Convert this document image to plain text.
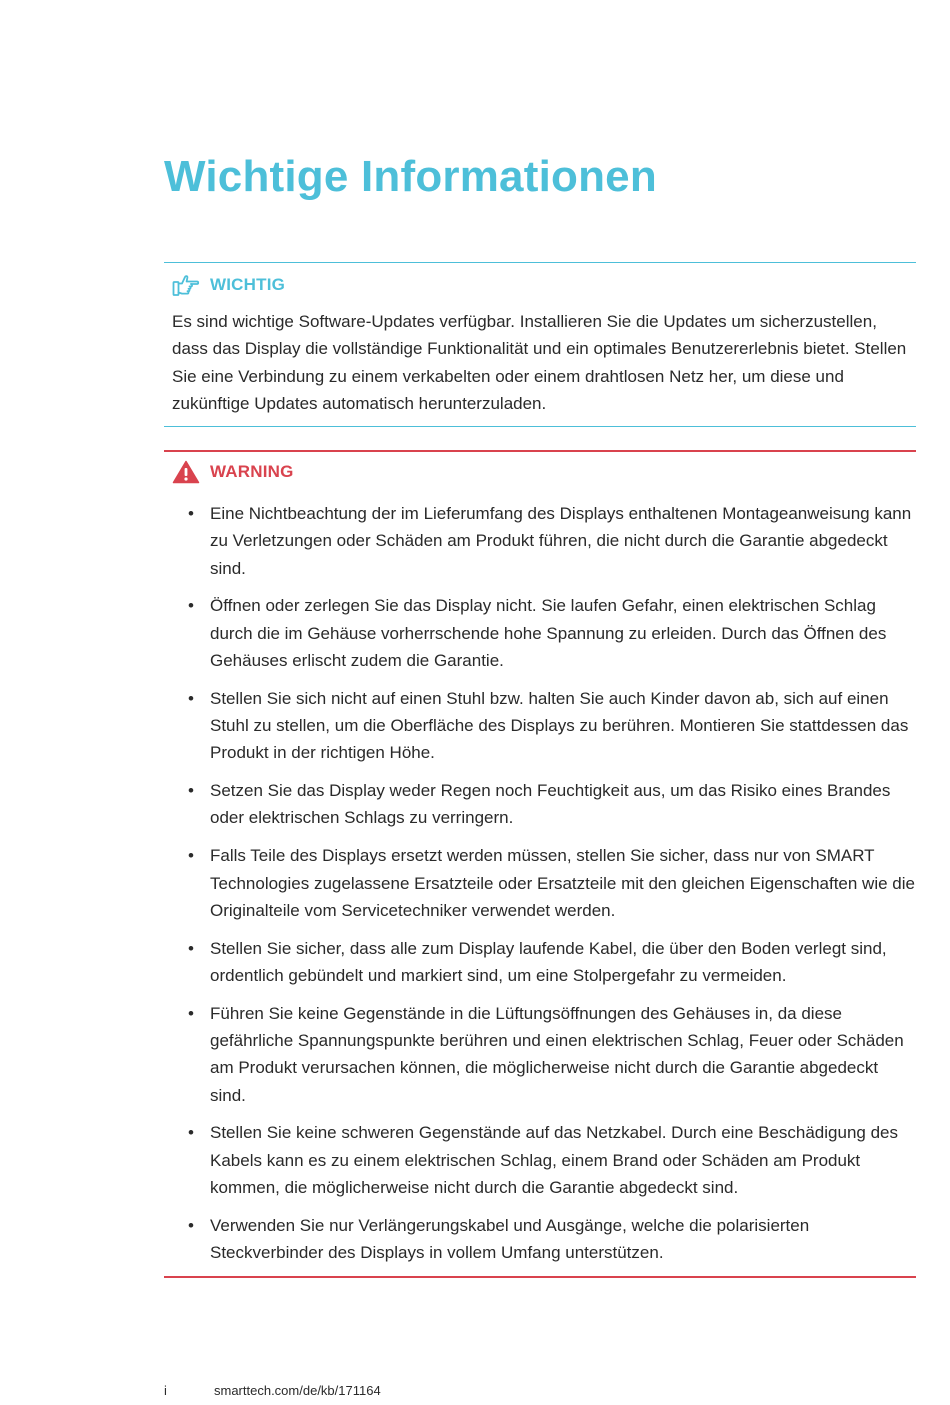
Wichtige Informationen
WICHTIG

Es sind wichtige Software-Updates verfügbar. Installieren Sie die Updates um sicherzustellen, dass das Display die vollständige Funktionalität und ein optimales Benutzererlebnis bietet. Stellen Sie eine Verbindung zu einem verkabelten oder einem drahtlosen Netz her, um diese und zukünftige Updates automatisch herunterzuladen.

WARNING
• Eine Nichtbeachtung der im Lieferumfang des Displays enthaltenen Montageanweisung kann zu Verletzungen oder Schäden am Produkt führen, die nicht durch die Garantie abgedeckt sind.
• Öffnen oder zerlegen Sie das Display nicht. Sie laufen Gefahr, einen elektrischen Schlag durch die im Gehäuse vorherrschende hohe Spannung zu erleiden. Durch das Öffnen des Gehäuses erlischt zudem die Garantie.
• Stellen Sie sich nicht auf einen Stuhl bzw. halten Sie auch Kinder davon ab, sich auf einen Stuhl zu stellen, um die Oberfläche des Displays zu berühren. Montieren Sie stattdessen das Produkt in der richtigen Höhe.
• Setzen Sie das Display weder Regen noch Feuchtigkeit aus, um das Risiko eines Brandes oder elektrischen Schlags zu verringern.
• Falls Teile des Displays ersetzt werden müssen, stellen Sie sicher, dass nur von SMART Technologies zugelassene Ersatzteile oder Ersatzteile mit den gleichen Eigenschaften wie die Originalteile vom Servicetechniker verwendet werden.
• Stellen Sie sicher, dass alle zum Display laufende Kabel, die über den Boden verlegt sind, ordentlich gebündelt und markiert sind, um eine Stolpergefahr zu vermeiden.
• Führen Sie keine Gegenstände in die Lüftungsöffnungen des Gehäuses in, da diese gefährliche Spannungspunkte berühren und einen elektrischen Schlag, Feuer oder Schäden am Produkt verursachen können, die möglicherweise nicht durch die Garantie abgedeckt sind.
• Stellen Sie keine schweren Gegenstände auf das Netzkabel. Durch eine Beschädigung des Kabels kann es zu einem elektrischen Schlag, einem Brand oder Schäden am Produkt kommen, die möglicherweise nicht durch die Garantie abgedeckt sind.
• Verwenden Sie nur Verlängerungskabel und Ausgänge, welche die polarisierten Steckverbinder des Displays in vollem Umfang unterstützen.
i	smarttech.com/de/kb/171164
